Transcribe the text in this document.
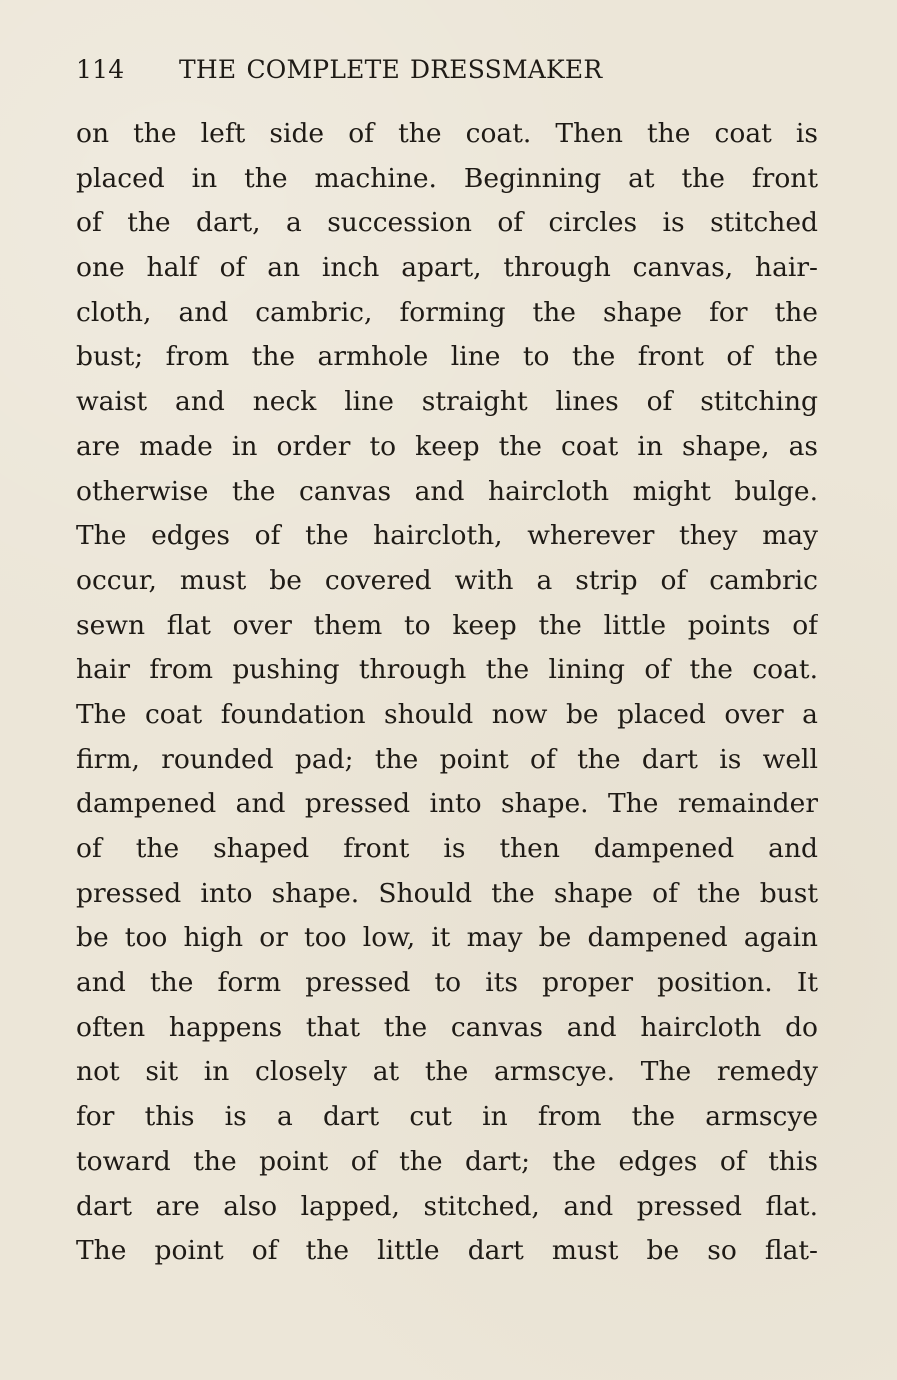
114 THE COMPLETE DRESSMAKER
on the left side of the coat. Then the coat is
placed in the machine. Beginning at the front
of the dart, a succession of circles is stitched
one half of an inch apart, through canvas, hair-
cloth, and cambric, forming the shape for the
bust; from the armhole line to the front of the
waist and neck line straight lines of stitching
are made in order to keep the coat in shape, as
otherwise the canvas and haircloth might bulge.
The edges of the haircloth, wherever they may
occur, must be covered with a strip of cambric
sewn flat over them to keep the little points of
hair from pushing through the lining of the coat.
The coat foundation should now be placed over a
firm, rounded pad; the point of the dart is well
dampened and pressed into shape. The remainder
of the shaped front is then dampened and
pressed into shape. Should the shape of the bust
be too high or too low, it may be dampened again
and the form pressed to its proper position. It
often happens that the canvas and haircloth do
not sit in closely at the armscye. The remedy
for this is a dart cut in from the armscye
toward the point of the dart; the edges of this
dart are also lapped, stitched, and pressed flat.
The point of the little dart must be so flat-
